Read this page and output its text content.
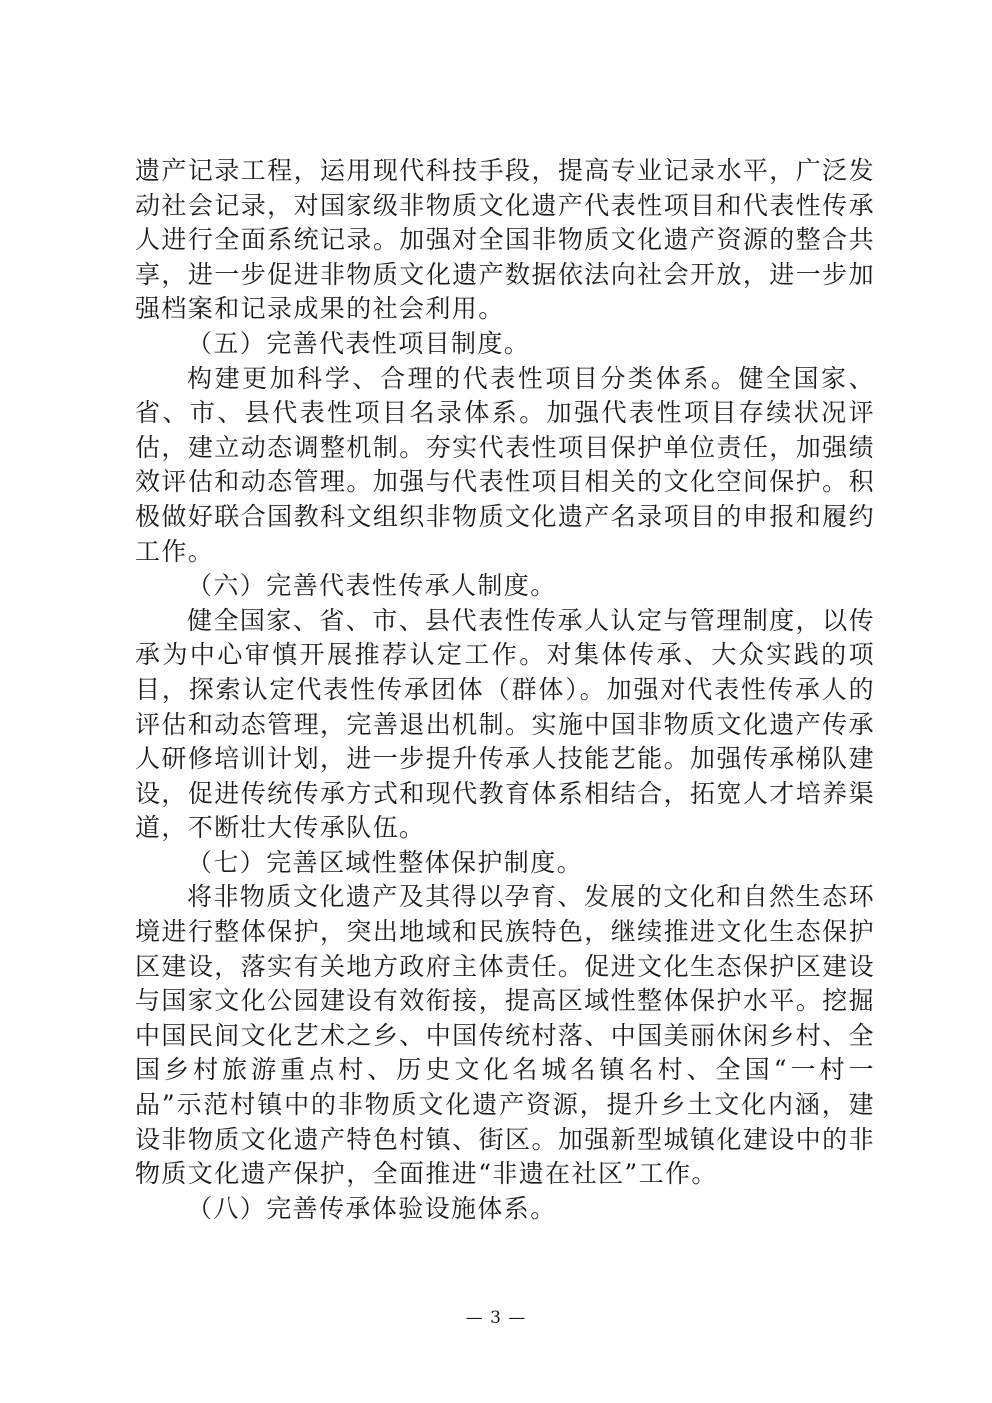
遗产记录工程，运用现代科技手段，提高专业记录水平，广泛发动社会记录，对国家级非物质文化遗产代表性项目和代表性传承人进行全面系统记录。加强对全国非物质文化遗产资源的整合共享，进一步促进非物质文化遗产数据依法向社会开放，进一步加强档案和记录成果的社会利用。

（五）完善代表性项目制度。

构建更加科学、合理的代表性项目分类体系。健全国家、省、市、县代表性项目名录体系。加强代表性项目存续状况评估，建立动态调整机制。夯实代表性项目保护单位责任，加强绩效评估和动态管理。加强与代表性项目相关的文化空间保护。积极做好联合国教科文组织非物质文化遗产名录项目的申报和履约工作。

（六）完善代表性传承人制度。

健全国家、省、市、县代表性传承人认定与管理制度，以传承为中心审慎开展推荐认定工作。对集体传承、大众实践的项目，探索认定代表性传承团体（群体）。加强对代表性传承人的评估和动态管理，完善退出机制。实施中国非物质文化遗产传承人研修培训计划，进一步提升传承人技能艺能。加强传承梯队建设，促进传统传承方式和现代教育体系相结合，拓宽人才培养渠道，不断壮大传承队伍。

（七）完善区域性整体保护制度。

将非物质文化遗产及其得以孕育、发展的文化和自然生态环境进行整体保护，突出地域和民族特色，继续推进文化生态保护区建设，落实有关地方政府主体责任。促进文化生态保护区建设与国家文化公园建设有效衔接，提高区域性整体保护水平。挖掘中国民间文化艺术之乡、中国传统村落、中国美丽休闲乡村、全国乡村旅游重点村、历史文化名城名镇名村、全国“一村一品”示范村镇中的非物质文化遗产资源，提升乡土文化内涵，建设非物质文化遗产特色村镇、街区。加强新型城镇化建设中的非物质文化遗产保护，全面推进“非遗在社区”工作。

（八）完善传承体验设施体系。

— 3 —
